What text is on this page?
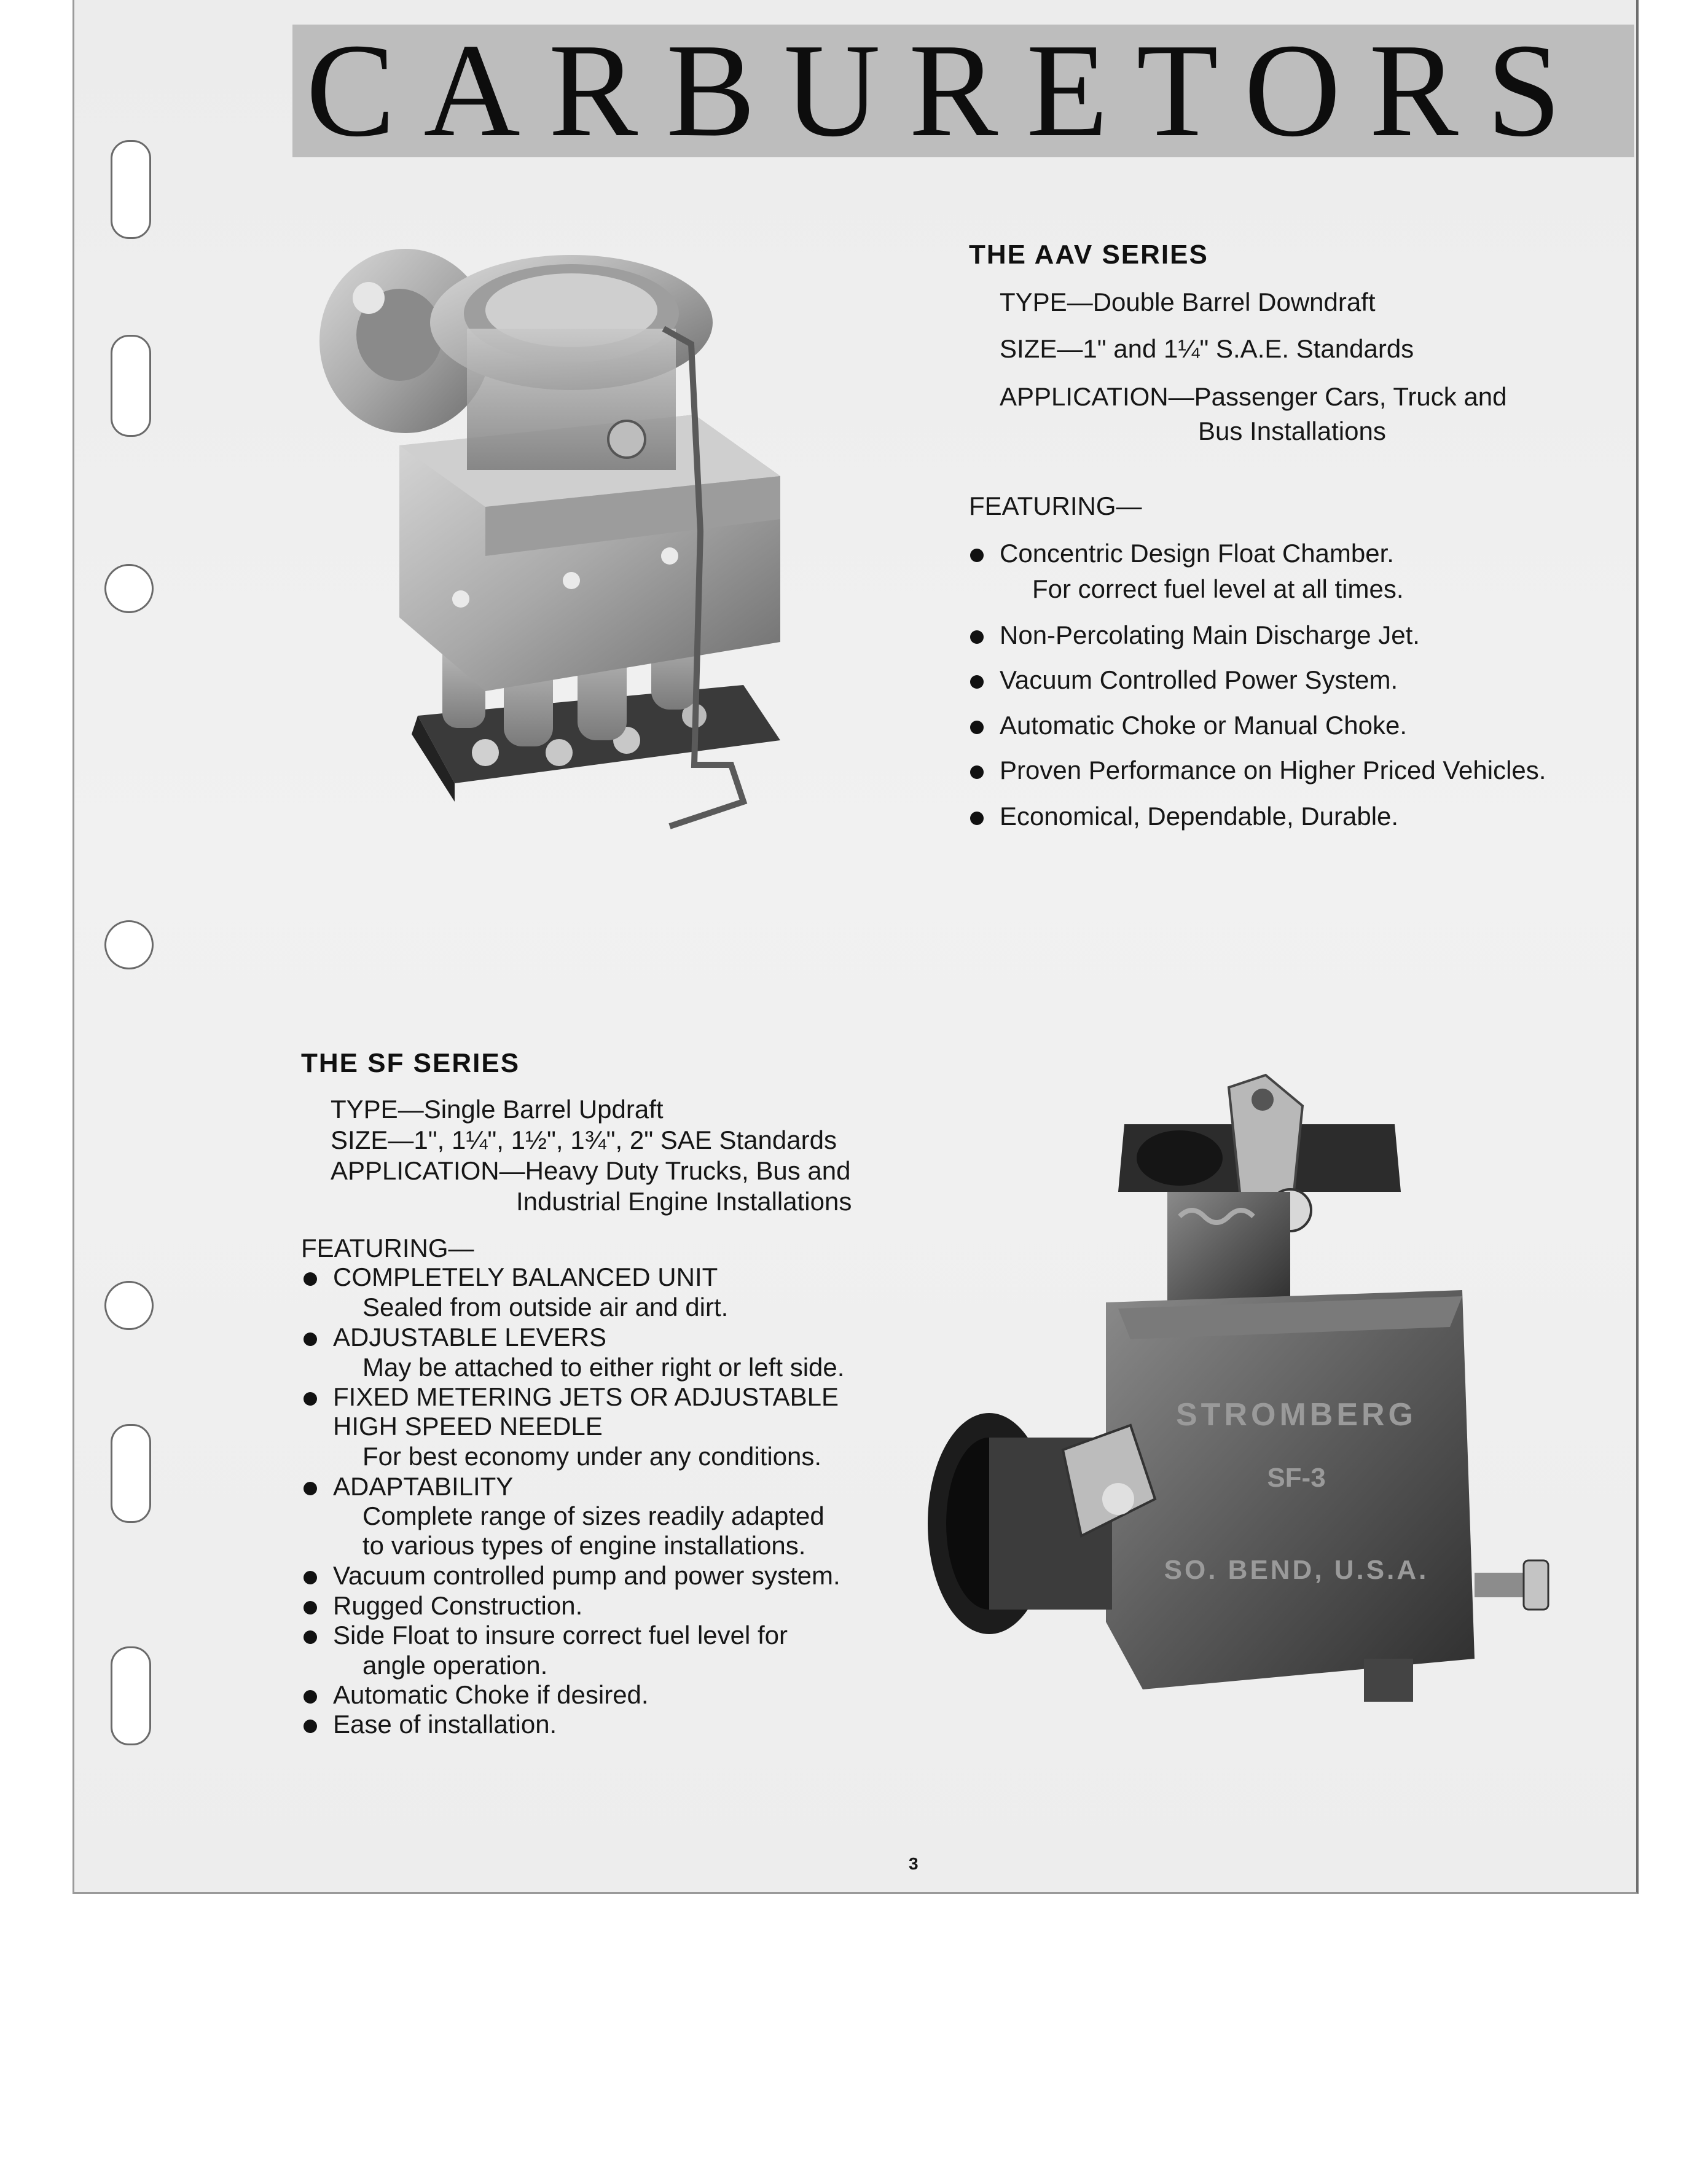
CARBURETORS
THE AAV SERIES
TYPE—Double Barrel Downdraft
SIZE—1" and 1¼" S.A.E. Standards
APPLICATION—Passenger Cars, Truck and
Bus Installations
FEATURING—
Concentric Design Float Chamber.
For correct fuel level at all times.
Non-Percolating Main Discharge Jet.
Vacuum Controlled Power System.
Automatic Choke or Manual Choke.
Proven Performance on Higher Priced Vehicles.
Economical, Dependable, Durable.
THE SF SERIES
TYPE—Single Barrel Updraft
SIZE—1", 1¼", 1½", 1¾", 2" SAE Standards
APPLICATION—Heavy Duty Trucks, Bus and
Industrial Engine Installations
FEATURING—
COMPLETELY BALANCED UNIT
Sealed from outside air and dirt.
ADJUSTABLE LEVERS
May be attached to either right or left side.
FIXED METERING JETS OR ADJUSTABLE
HIGH SPEED NEEDLE
For best economy under any conditions.
ADAPTABILITY
Complete range of sizes readily adapted
to various types of engine installations.
Vacuum controlled pump and power system.
Rugged Construction.
Side Float to insure correct fuel level for
angle operation.
Automatic Choke if desired.
Ease of installation.
STROMBERG
SF-3
SO. BEND, U.S.A.
3
